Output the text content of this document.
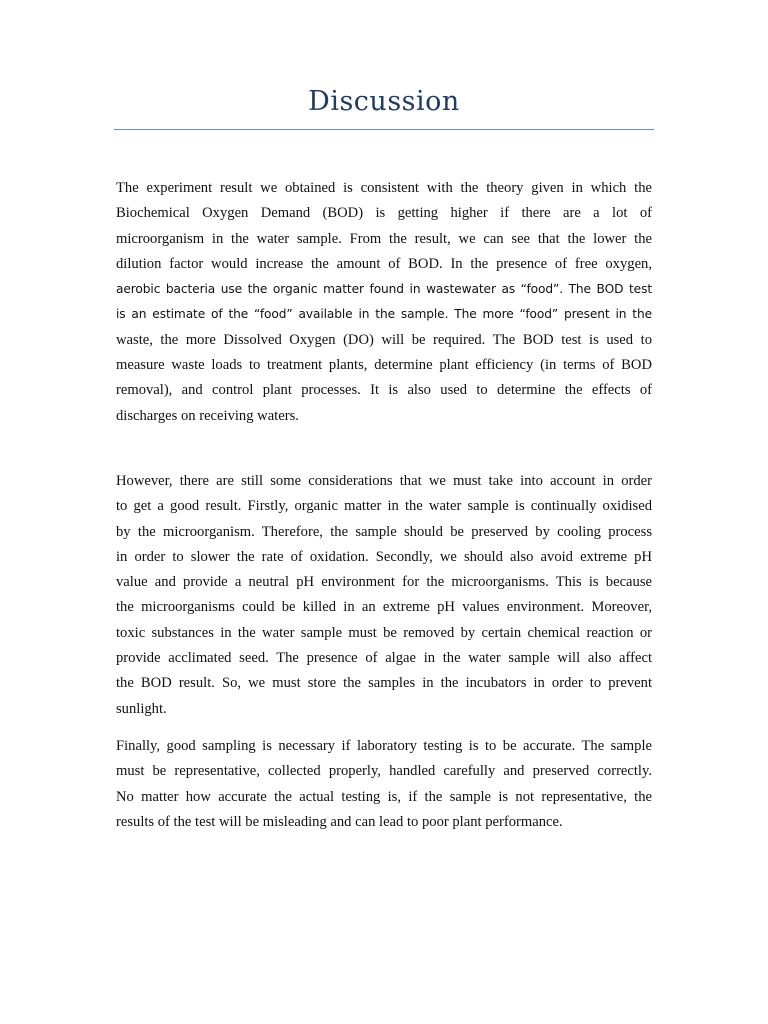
Discussion

The experiment result we obtained is consistent with the theory given in which the
Biochemical Oxygen Demand (BOD) is getting higher if there are a lot of
microorganism in the water sample. From the result, we can see that the lower the
dilution factor would increase the amount of BOD. In the presence of free oxygen,
aerobic bacteria use the organic matter found in wastewater as “food”. The BOD test
is an estimate of the “food” available in the sample. The more “food” present in the
waste, the more Dissolved Oxygen (DO) will be required. The BOD test is used to
measure waste loads to treatment plants, determine plant efficiency (in terms of BOD
removal), and control plant processes. It is also used to determine the effects of
discharges on receiving waters.

However, there are still some considerations that we must take into account in order
to get a good result. Firstly, organic matter in the water sample is continually oxidised
by the microorganism. Therefore, the sample should be preserved by cooling process
in order to slower the rate of oxidation. Secondly, we should also avoid extreme pH
value and provide a neutral pH environment for the microorganisms. This is because
the microorganisms could be killed in an extreme pH values environment. Moreover,
toxic substances in the water sample must be removed by certain chemical reaction or
provide acclimated seed. The presence of algae in the water sample will also affect
the BOD result. So, we must store the samples in the incubators in order to prevent
sunlight.

Finally, good sampling is necessary if laboratory testing is to be accurate. The sample
must be representative, collected properly, handled carefully and preserved correctly.
No matter how accurate the actual testing is, if the sample is not representative, the
results of the test will be misleading and can lead to poor plant performance.
